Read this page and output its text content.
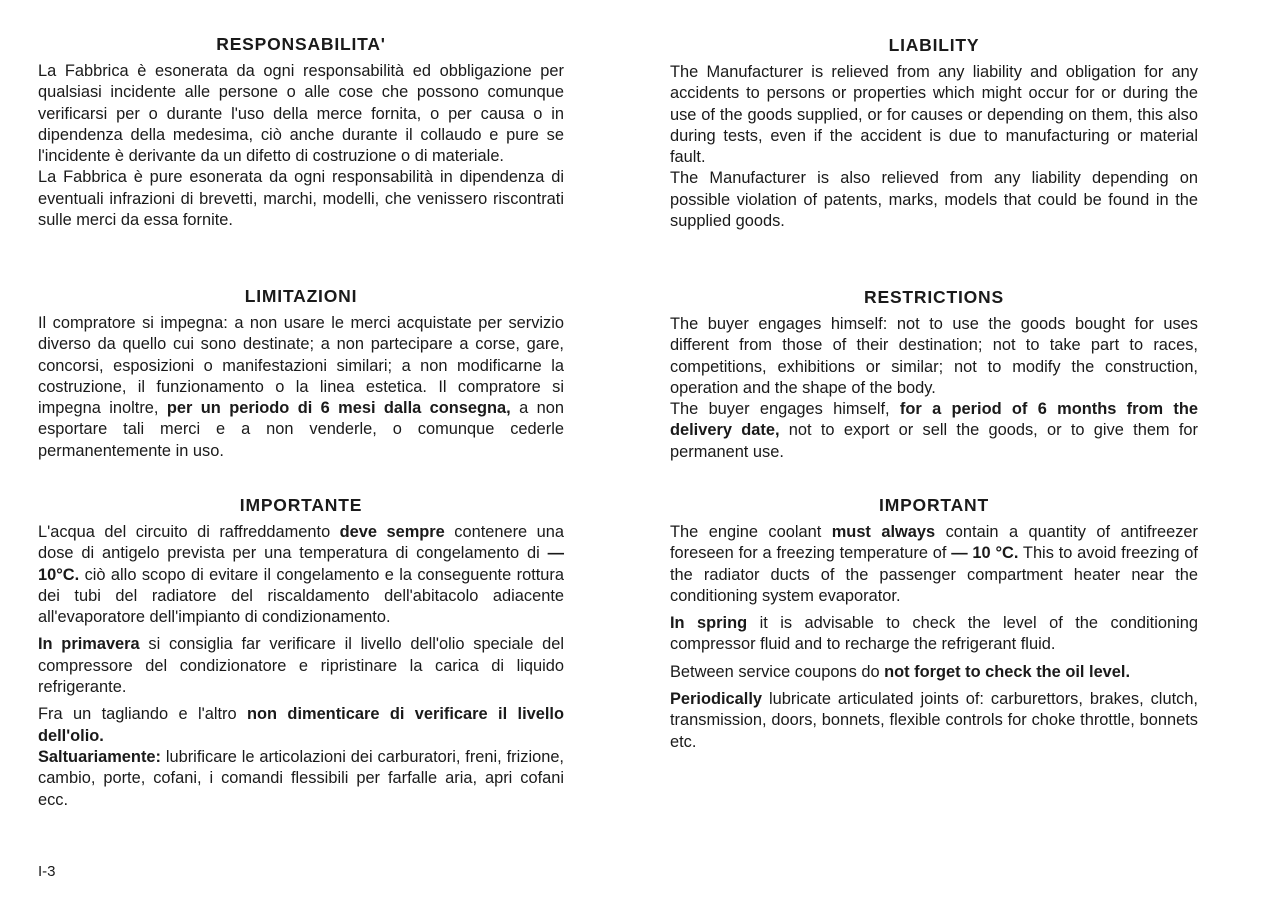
RESPONSABILITA'

La Fabbrica è esonerata da ogni responsabilità ed obbligazione per qualsiasi incidente alle persone o alle cose che possono comunque verificarsi per o durante l'uso della merce fornita, o per causa o in dipendenza della medesima, ciò anche durante il collaudo e pure se l'incidente è derivante da un difetto di costruzione o di materiale.

La Fabbrica è pure esonerata da ogni responsabilità in dipendenza di eventuali infrazioni di brevetti, marchi, modelli, che venissero riscontrati sulle merci da essa fornite.

LIMITAZIONI

Il compratore si impegna: a non usare le merci acquistate per servizio diverso da quello cui sono destinate; a non partecipare a corse, gare, concorsi, esposizioni o manifestazioni similari; a non modificarne la costruzione, il funzionamento o la linea estetica. Il compratore si impegna inoltre, per un periodo di 6 mesi dalla consegna, a non esportare tali merci e a non venderle, o comunque cederle permanentemente in uso.

IMPORTANTE

L'acqua del circuito di raffreddamento deve sempre contenere una dose di antigelo prevista per una temperatura di congelamento di —10°C. ciò allo scopo di evitare il congelamento e la conseguente rottura dei tubi del radiatore del riscaldamento dell'abitacolo adiacente all'evaporatore dell'impianto di condizionamento.

In primavera si consiglia far verificare il livello dell'olio speciale del compressore del condizionatore e ripristinare la carica di liquido refrigerante.

Fra un tagliando e l'altro non dimenticare di verificare il livello dell'olio.

Saltuariamente: lubrificare le articolazioni dei carburatori, freni, frizione, cambio, porte, cofani, i comandi flessibili per farfalle aria, apri cofani ecc.

LIABILITY

The Manufacturer is relieved from any liability and obligation for any accidents to persons or properties which might occur for or during the use of the goods supplied, or for causes or depending on them, this also during tests, even if the accident is due to manufacturing or material fault.

The Manufacturer is also relieved from any liability depending on possible violation of patents, marks, models that could be found in the supplied goods.

RESTRICTIONS

The buyer engages himself: not to use the goods bought for uses different from those of their destination; not to take part to races, competitions, exhibitions or similar; not to modify the construction, operation and the shape of the body.

The buyer engages himself, for a period of 6 months from the delivery date, not to export or sell the goods, or to give them for permanent use.

IMPORTANT

The engine coolant must always contain a quantity of antifreezer foreseen for a freezing temperature of — 10 °C. This to avoid freezing of the radiator ducts of the passenger compartment heater near the conditioning system evaporator.

In spring it is advisable to check the level of the conditioning compressor fluid and to recharge the refrigerant fluid.

Between service coupons do not forget to check the oil level.

Periodically lubricate articulated joints of: carburettors, brakes, clutch, transmission, doors, bonnets, flexible controls for choke throttle, bonnets etc.

I-3
